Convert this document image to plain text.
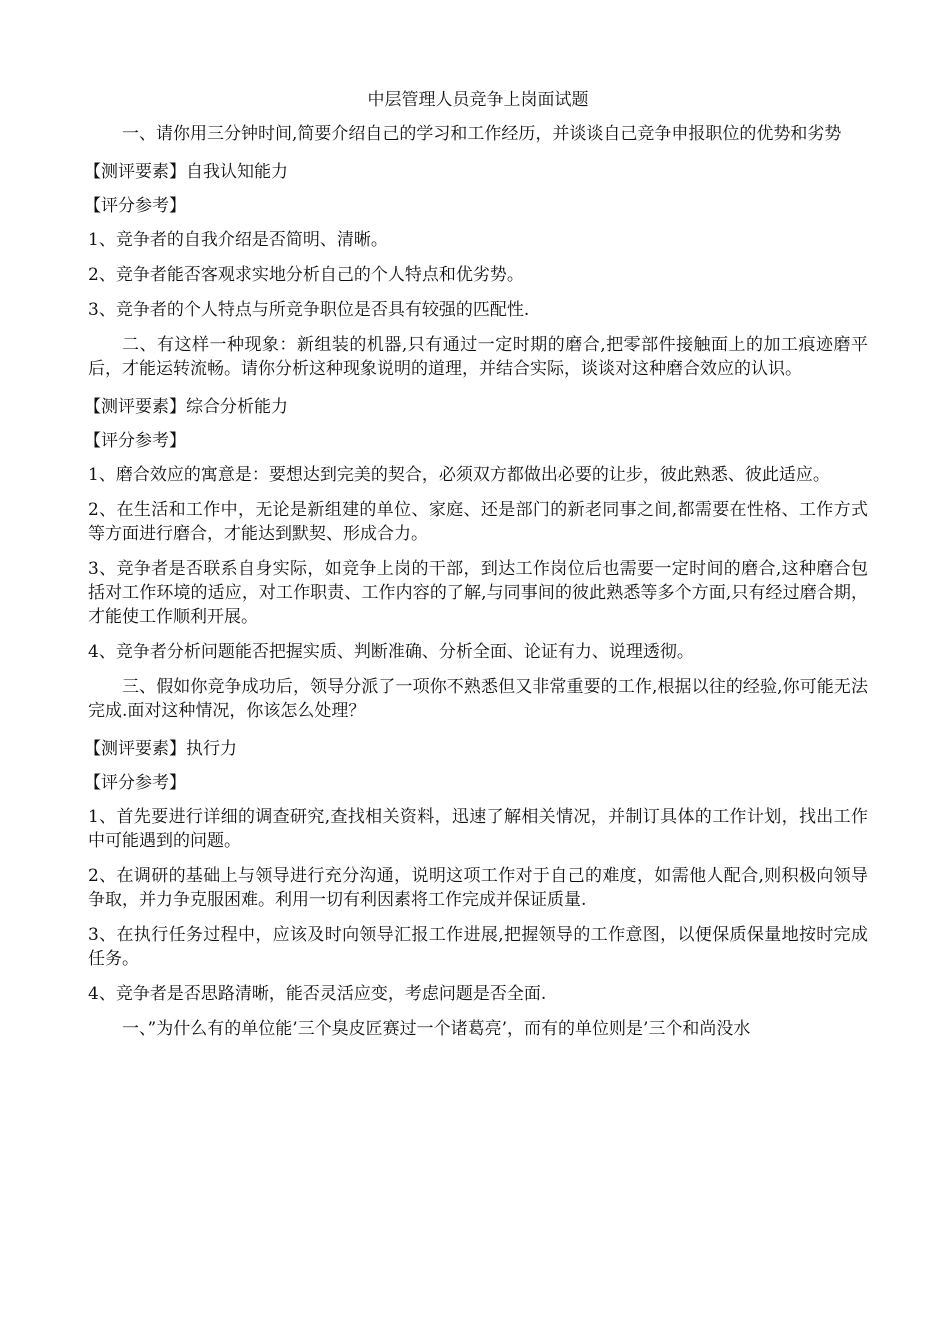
中层管理人员竞争上岗面试题
一、请你用三分钟时间,简要介绍自己的学习和工作经历，并谈谈自己竞争申报职位的优势和劣势
【测评要素】自我认知能力
【评分参考】
1、竞争者的自我介绍是否简明、清晰。
2、竞争者能否客观求实地分析自己的个人特点和优劣势。
3、竞争者的个人特点与所竞争职位是否具有较强的匹配性.
二、有这样一种现象：新组装的机器,只有通过一定时期的磨合,把零部件接触面上的加工痕迹磨平后，才能运转流畅。请你分析这种现象说明的道理，并结合实际，谈谈对这种磨合效应的认识。
【测评要素】综合分析能力
【评分参考】
1、磨合效应的寓意是：要想达到完美的契合，必须双方都做出必要的让步，彼此熟悉、彼此适应。
2、在生活和工作中，无论是新组建的单位、家庭、还是部门的新老同事之间,都需要在性格、工作方式等方面进行磨合，才能达到默契、形成合力。
3、竞争者是否联系自身实际，如竞争上岗的干部，到达工作岗位后也需要一定时间的磨合,这种磨合包括对工作环境的适应，对工作职责、工作内容的了解,与同事间的彼此熟悉等多个方面,只有经过磨合期，才能使工作顺利开展。
4、竞争者分析问题能否把握实质、判断准确、分析全面、论证有力、说理透彻。
三、假如你竞争成功后，领导分派了一项你不熟悉但又非常重要的工作,根据以往的经验,你可能无法完成.面对这种情况，你该怎么处理？
【测评要素】执行力
【评分参考】
1、首先要进行详细的调查研究,查找相关资料，迅速了解相关情况，并制订具体的工作计划，找出工作中可能遇到的问题。
2、在调研的基础上与领导进行充分沟通，说明这项工作对于自己的难度，如需他人配合,则积极向领导争取，并力争克服困难。利用一切有利因素将工作完成并保证质量.
3、在执行任务过程中，应该及时向领导汇报工作进展,把握领导的工作意图，以便保质保量地按时完成任务。
4、竞争者是否思路清晰，能否灵活应变，考虑问题是否全面.
一、”为什么有的单位能’三个臭皮匠赛过一个诸葛亮’，而有的单位则是’三个和尚没水
